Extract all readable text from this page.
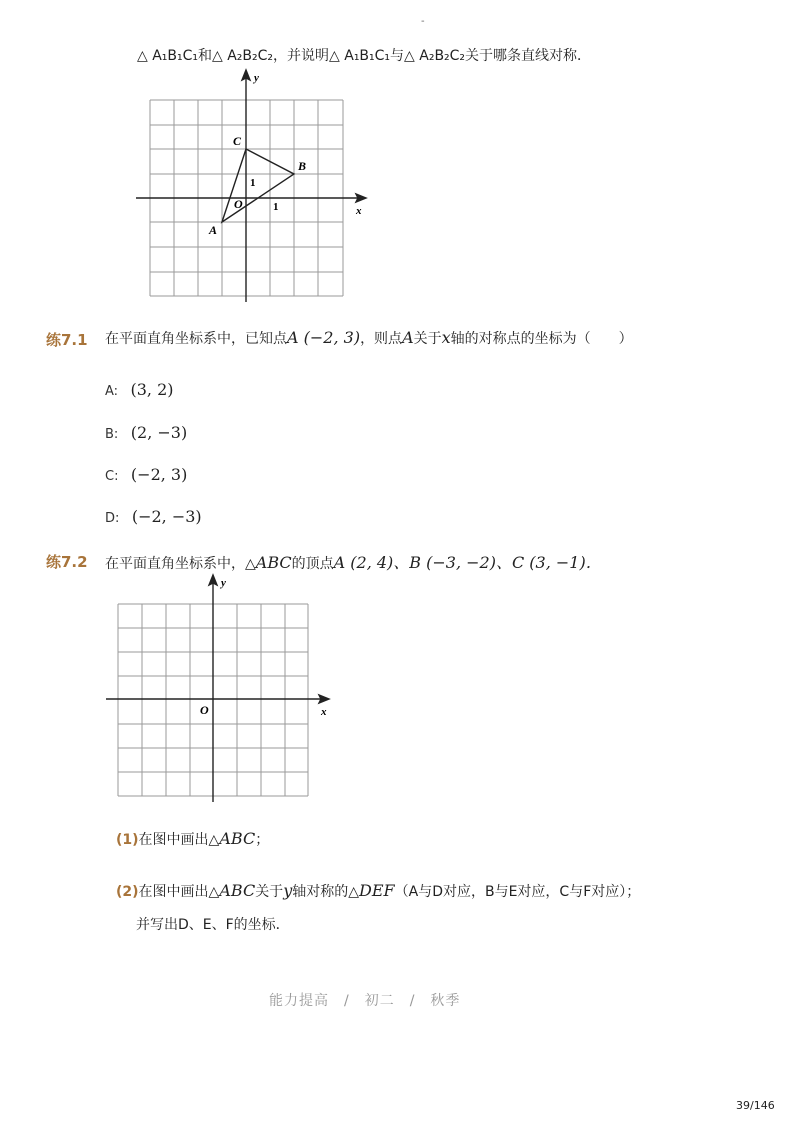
-
△ A₁B₁C₁和△ A₂B₂C₂，并说明△ A₁B₁C₁与△ A₂B₂C₂关于哪条直线对称．
x
y
A
B
C
O	1
1
练7.1 在平面直角坐标系中，已知点A (−2, 3)，则点A关于x轴的对称点的坐标为（　　）
A: (3, 2)
B: (2, −3)
C: (−2, 3)
D: (−2, −3)
练7.2 在平面直角坐标系中，△ABC的顶点A (2, 4)、B (−3, −2)、C (3, −1)．
x
y
O
(1)在图中画出△ABC；
(2)在图中画出△ABC关于y轴对称的△DEF（A与D对应，B与E对应，C与F对应）；
并写出D、E、F的坐标．
能力提高　/　初二　/　秋季
39/146
